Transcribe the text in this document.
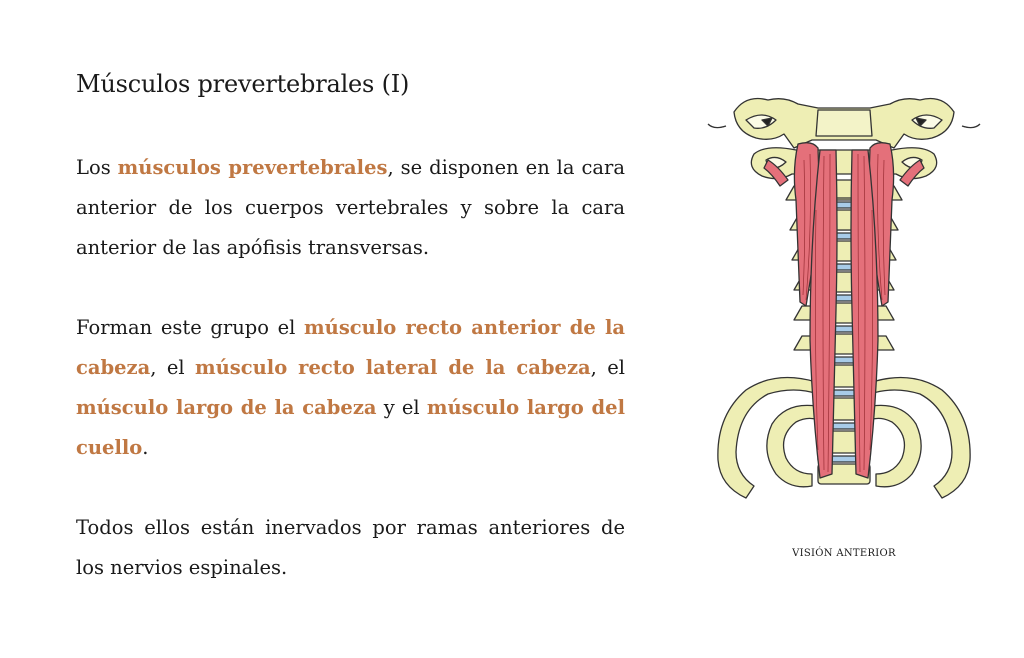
Músculos prevertebrales (I)

Los músculos prevertebrales, se disponen en la cara anterior de los cuerpos vertebrales y sobre la cara anterior de las apófisis transversas.

Forman este grupo el músculo recto anterior de la cabeza, el músculo recto lateral de la cabeza, el músculo largo de la cabeza y el músculo largo del cuello.

Todos ellos están inervados por ramas anteriores de los nervios espinales.

VISIÓN ANTERIOR
